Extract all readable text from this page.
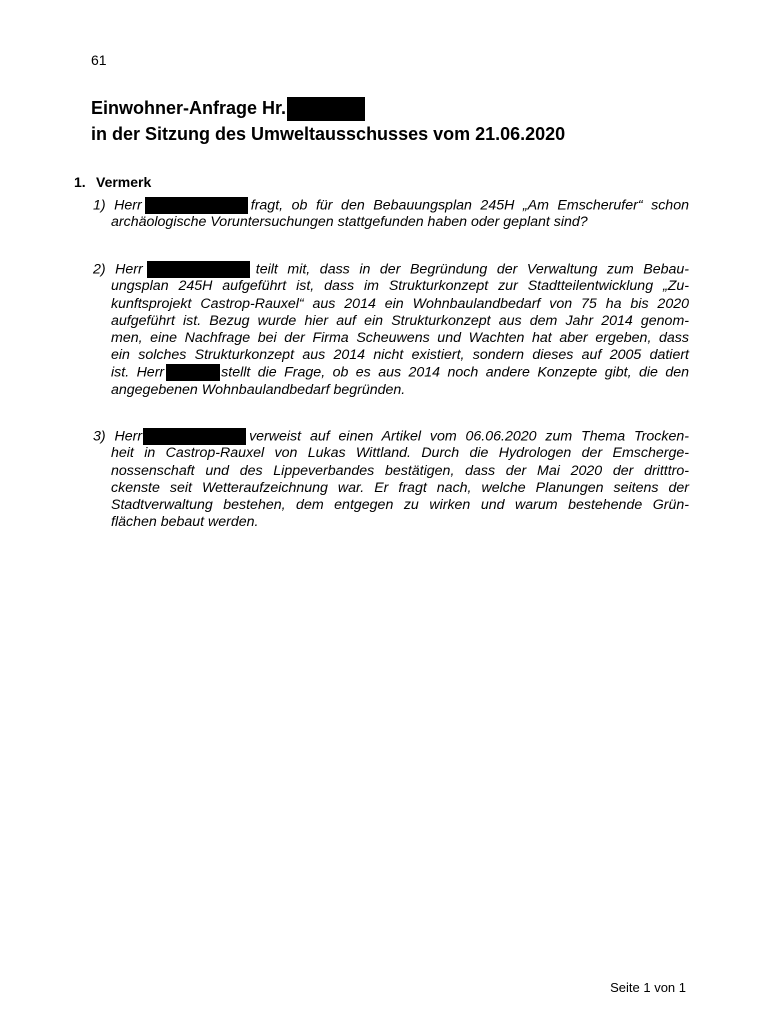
61
Einwohner-Anfrage Hr.
in der Sitzung des Umweltausschusses vom 21.06.2020
1. Vermerk
1) Herr	fragt, ob für den Bebauungsplan 245H „Am Emscherufer“ schon
archäologische Voruntersuchungen stattgefunden haben oder geplant sind?
2) Herr	teilt mit, dass in der Begründung der Verwaltung zum Bebau-
ungsplan 245H aufgeführt ist, dass im Strukturkonzept zur Stadtteilentwicklung „Zu-
kunftsprojekt Castrop-Rauxel“ aus 2014 ein Wohnbaulandbedarf von 75 ha bis 2020
aufgeführt ist. Bezug wurde hier auf ein Strukturkonzept aus dem Jahr 2014 genom-
men, eine Nachfrage bei der Firma Scheuwens und Wachten hat aber ergeben, dass
ein solches Strukturkonzept aus 2014 nicht existiert, sondern dieses auf 2005 datiert
ist. Herr	stellt die Frage, ob es aus 2014 noch andere Konzepte gibt, die den
angegebenen Wohnbaulandbedarf begründen.
3) Herr	verweist auf einen Artikel vom 06.06.2020 zum Thema Trocken-
heit in Castrop-Rauxel von Lukas Wittland. Durch die Hydrologen der Emscherge-
nossenschaft und des Lippeverbandes bestätigen, dass der Mai 2020 der dritttro-
ckenste seit Wetteraufzeichnung war. Er fragt nach, welche Planungen seitens der
Stadtverwaltung bestehen, dem entgegen zu wirken und warum bestehende Grün-
flächen bebaut werden.
Seite 1 von 1
